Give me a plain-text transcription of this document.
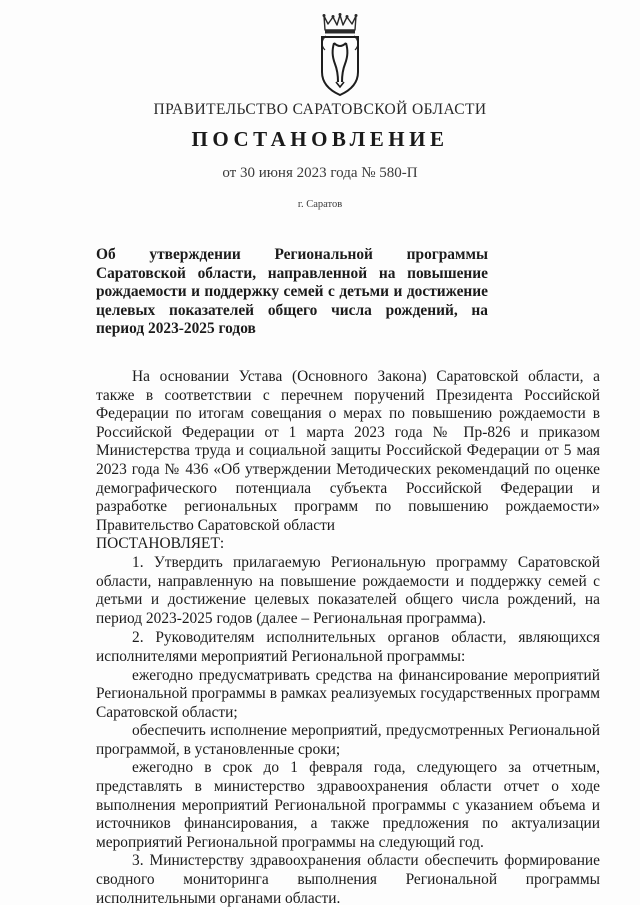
ПРАВИТЕЛЬСТВО САРАТОВСКОЙ ОБЛАСТИ
ПОСТАНОВЛЕНИЕ
от 30 июня 2023 года № 580-П
г. Саратов
Об утверждении Региональной программы Саратовской области, направленной на повышение рождаемости и поддержку семей с детьми и достижение целевых показателей общего числа рождений, на период 2023-2025 годов

На основании Устава (Основного Закона) Саратовской области, а также в соответствии с перечнем поручений Президента Российской Федерации по итогам совещания о мерах по повышению рождаемости в Российской Федерации от 1 марта 2023 года № Пр-826 и приказом Министерства труда и социальной защиты Российской Федерации от 5 мая 2023 года № 436 «Об утверждении Методических рекомендаций по оценке демографического потенциала субъекта Российской Федерации и разработке региональных программ по повышению рождаемости» Правительство Саратовской области

ПОСТАНОВЛЯЕТ:

1. Утвердить прилагаемую Региональную программу Саратовской области, направленную на повышение рождаемости и поддержку семей с детьми и достижение целевых показателей общего числа рождений, на период 2023-2025 годов (далее – Региональная программа).

2. Руководителям исполнительных органов области, являющихся исполнителями мероприятий Региональной программы:

ежегодно предусматривать средства на финансирование мероприятий Региональной программы в рамках реализуемых государственных программ Саратовской области;

обеспечить исполнение мероприятий, предусмотренных Региональной программой, в установленные сроки;

ежегодно в срок до 1 февраля года, следующего за отчетным, представлять в министерство здравоохранения области отчет о ходе выполнения мероприятий Региональной программы с указанием объема и источников финансирования, а также предложения по актуализации мероприятий Региональной программы на следующий год.

3. Министерству здравоохранения области обеспечить формирование сводного мониторинга выполнения Региональной программы исполнительными органами области.
